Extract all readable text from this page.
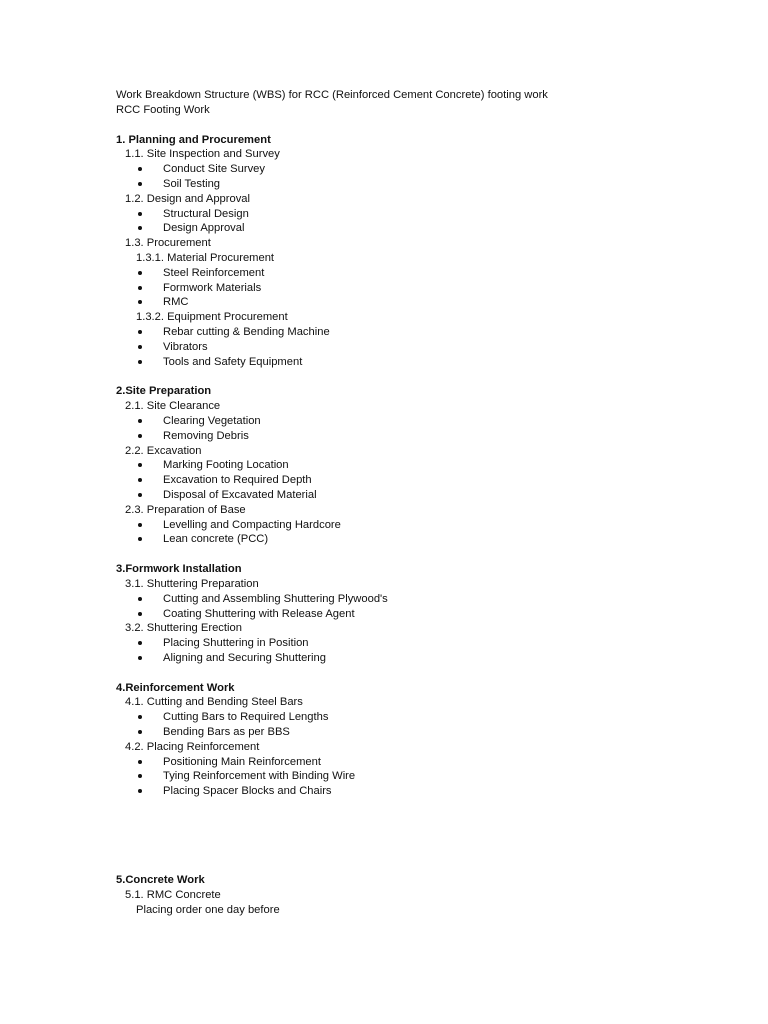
Work Breakdown Structure (WBS) for RCC (Reinforced Cement Concrete) footing work
RCC Footing Work
1. Planning and Procurement
1.1. Site Inspection and Survey
Conduct Site Survey
Soil Testing
1.2. Design and Approval
Structural Design
Design Approval
1.3. Procurement
1.3.1. Material Procurement
Steel Reinforcement
Formwork Materials
RMC
1.3.2. Equipment Procurement
Rebar cutting & Bending Machine
Vibrators
Tools and Safety Equipment
2.Site Preparation
2.1. Site Clearance
Clearing Vegetation
Removing Debris
2.2. Excavation
Marking Footing Location
Excavation to Required Depth
Disposal of Excavated Material
2.3. Preparation of Base
Levelling and Compacting Hardcore
Lean concrete (PCC)
3.Formwork Installation
3.1. Shuttering Preparation
Cutting and Assembling Shuttering Plywood's
Coating Shuttering with Release Agent
3.2. Shuttering Erection
Placing Shuttering in Position
Aligning and Securing Shuttering
4.Reinforcement Work
4.1. Cutting and Bending Steel Bars
Cutting Bars to Required Lengths
Bending Bars as per BBS
4.2. Placing Reinforcement
Positioning Main Reinforcement
Tying Reinforcement with Binding Wire
Placing Spacer Blocks and Chairs
5.Concrete Work
5.1. RMC Concrete
Placing order one day before
